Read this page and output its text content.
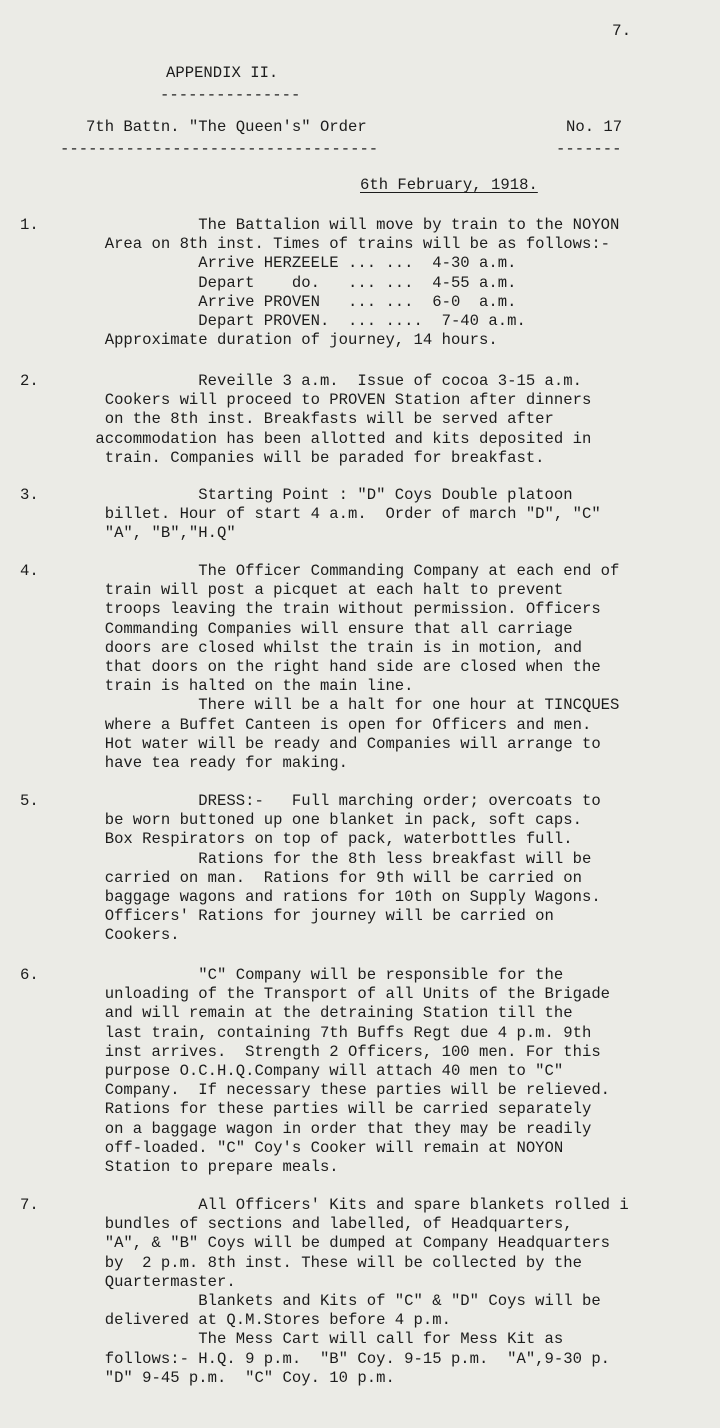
7.
APPENDIX II.
---------------
7th Battn. "The Queen's" Order
----------------------------------
No. 17
-------
6th February, 1918.
1.	The Battalion will move by train to the NOYON
Area on 8th inst. Times of trains will be as follows:-
Arrive HERZEELE ... ...  4-30 a.m.
Depart    do.   ... ...  4-55 a.m.
Arrive PROVEN   ... ...  6-0  a.m.
Depart PROVEN.  ... ....  7-40 a.m.
Approximate duration of journey, 14 hours.
2.	Reveille 3 a.m.  Issue of cocoa 3-15 a.m.
Cookers will proceed to PROVEN Station after dinners
on the 8th inst. Breakfasts will be served after
accommodation has been allotted and kits deposited in
train. Companies will be paraded for breakfast.
3.	Starting Point : "D" Coys Double platoon
billet. Hour of start 4 a.m.  Order of march "D", "C"
"A", "B","H.Q"
4.	The Officer Commanding Company at each end of
train will post a picquet at each halt to prevent
troops leaving the train without permission. Officers
Commanding Companies will ensure that all carriage
doors are closed whilst the train is in motion, and
that doors on the right hand side are closed when the
train is halted on the main line.
There will be a halt for one hour at TINCQUES
where a Buffet Canteen is open for Officers and men.
Hot water will be ready and Companies will arrange to
have tea ready for making.
5.	DRESS:-   Full marching order; overcoats to
be worn buttoned up one blanket in pack, soft caps.
Box Respirators on top of pack, waterbottles full.
Rations for the 8th less breakfast will be
carried on man.  Rations for 9th will be carried on
baggage wagons and rations for 10th on Supply Wagons.
Officers' Rations for journey will be carried on
Cookers.
6.	"C" Company will be responsible for the
unloading of the Transport of all Units of the Brigade
and will remain at the detraining Station till the
last train, containing 7th Buffs Regt due 4 p.m. 9th
inst arrives.  Strength 2 Officers, 100 men. For this
purpose O.C.H.Q.Company will attach 40 men to "C"
Company.  If necessary these parties will be relieved.
Rations for these parties will be carried separately
on a baggage wagon in order that they may be readily
off-loaded. "C" Coy's Cooker will remain at NOYON
Station to prepare meals.
7.	All Officers' Kits and spare blankets rolled i
bundles of sections and labelled, of Headquarters,
"A", & "B" Coys will be dumped at Company Headquarters
by  2 p.m. 8th inst. These will be collected by the
Quartermaster.
Blankets and Kits of "C" & "D" Coys will be
delivered at Q.M.Stores before 4 p.m.
The Mess Cart will call for Mess Kit as
follows:- H.Q. 9 p.m.  "B" Coy. 9-15 p.m.  "A",9-30 p.
"D" 9-45 p.m.  "C" Coy. 10 p.m.
